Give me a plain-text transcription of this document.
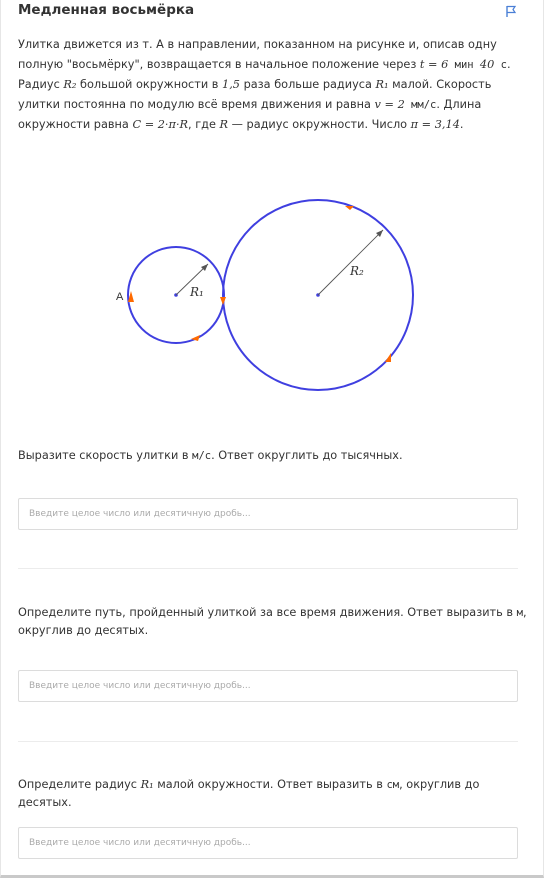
Медленная восьмёрка
Улитка движется из т. A в направлении, показанном на рисунке и, описав одну полную "восьмёрку", возвращается в начальное положение через t = 6 мин 40 с. Радиус R₂ большой окружности в 1,5 раза больше радиуса R₁ малой. Скорость улитки постоянна по модулю всё время движения и равна v = 2 мм/с. Длина окружности равна C = 2·π·R, где R — радиус окружности. Число π = 3,14.
R₁
R₂
A
Выразите скорость улитки в м/с. Ответ округлить до тысячных.
Введите целое число или десятичную дробь...
Определите путь, пройденный улиткой за все время движения. Ответ выразить в м, округлив до десятых.
Введите целое число или десятичную дробь...
Определите радиус R₁ малой окружности. Ответ выразить в см, округлив до десятых.
Введите целое число или десятичную дробь...
